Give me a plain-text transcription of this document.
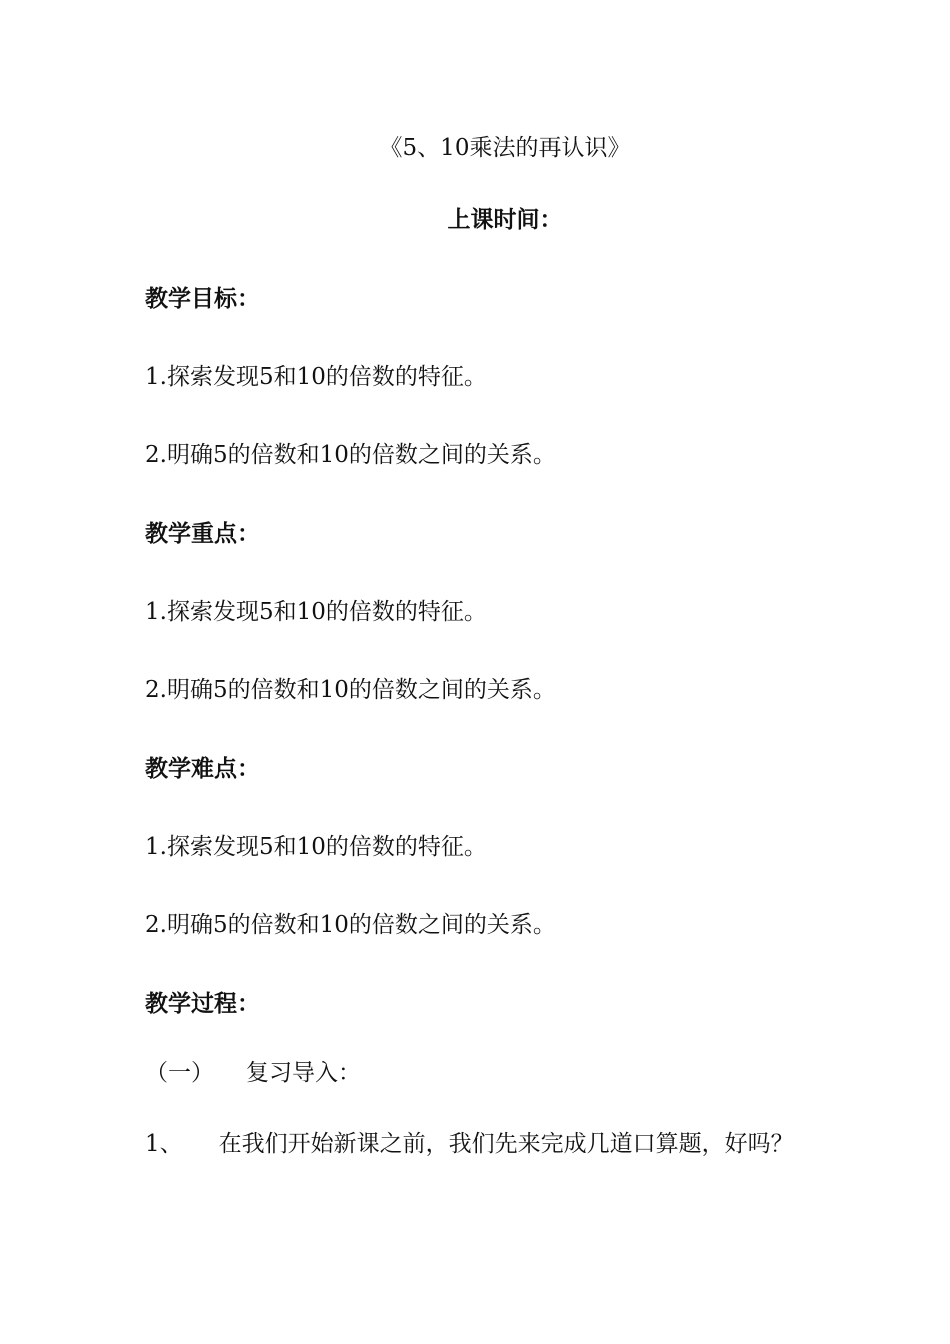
《5、10乘法的再认识》
上课时间：
教学目标：
1.探索发现5和10的倍数的特征。
2.明确5的倍数和10的倍数之间的关系。
教学重点：
1.探索发现5和10的倍数的特征。
2.明确5的倍数和10的倍数之间的关系。
教学难点：
1.探索发现5和10的倍数的特征。
2.明确5的倍数和10的倍数之间的关系。
教学过程：
（一） 复习导入：
1、 在我们开始新课之前，我们先来完成几道口算题，好吗？
